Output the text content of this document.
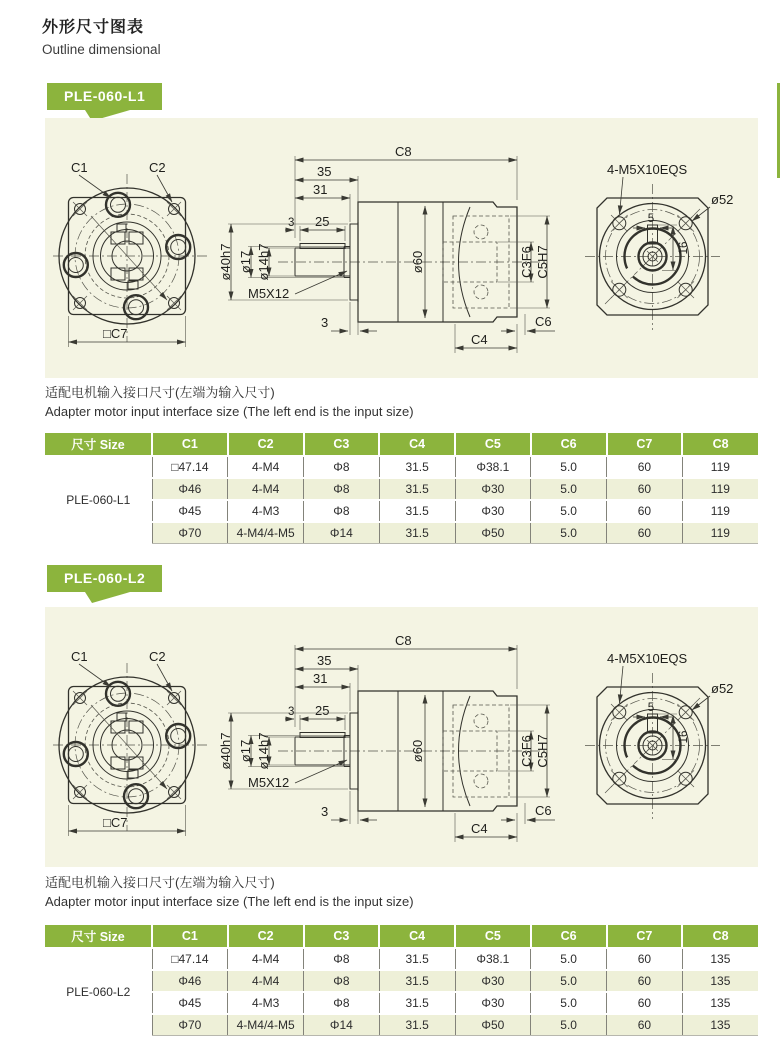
外形尺寸图表
Outline dimensional
PLE-060-L1
适配电机输入接口尺寸(左端为输入尺寸)
Adapter motor input interface size (The left end is the input size)
尺寸 Size	C1	C2	C3	C4	C5	C6	C7	C8
PLE-060-L1	□47.14	4-M4	Φ8	31.5	Φ38.1	5.0	60	119
	Φ46	4-M4	Φ8	31.5	Φ30	5.0	60	119
	Φ45	4-M3	Φ8	31.5	Φ30	5.0	60	119
	Φ70	4-M4/4-M5	Φ14	31.5	Φ50	5.0	60	119
PLE-060-L2
适配电机输入接口尺寸(左端为输入尺寸)
Adapter motor input interface size (The left end is the input size)
尺寸 Size	C1	C2	C3	C4	C5	C6	C7	C8
PLE-060-L2	□47.14	4-M4	Φ8	31.5	Φ38.1	5.0	60	135
	Φ46	4-M4	Φ8	31.5	Φ30	5.0	60	135
	Φ45	4-M3	Φ8	31.5	Φ30	5.0	60	135
	Φ70	4-M4/4-M5	Φ14	31.5	Φ50	5.0	60	135
